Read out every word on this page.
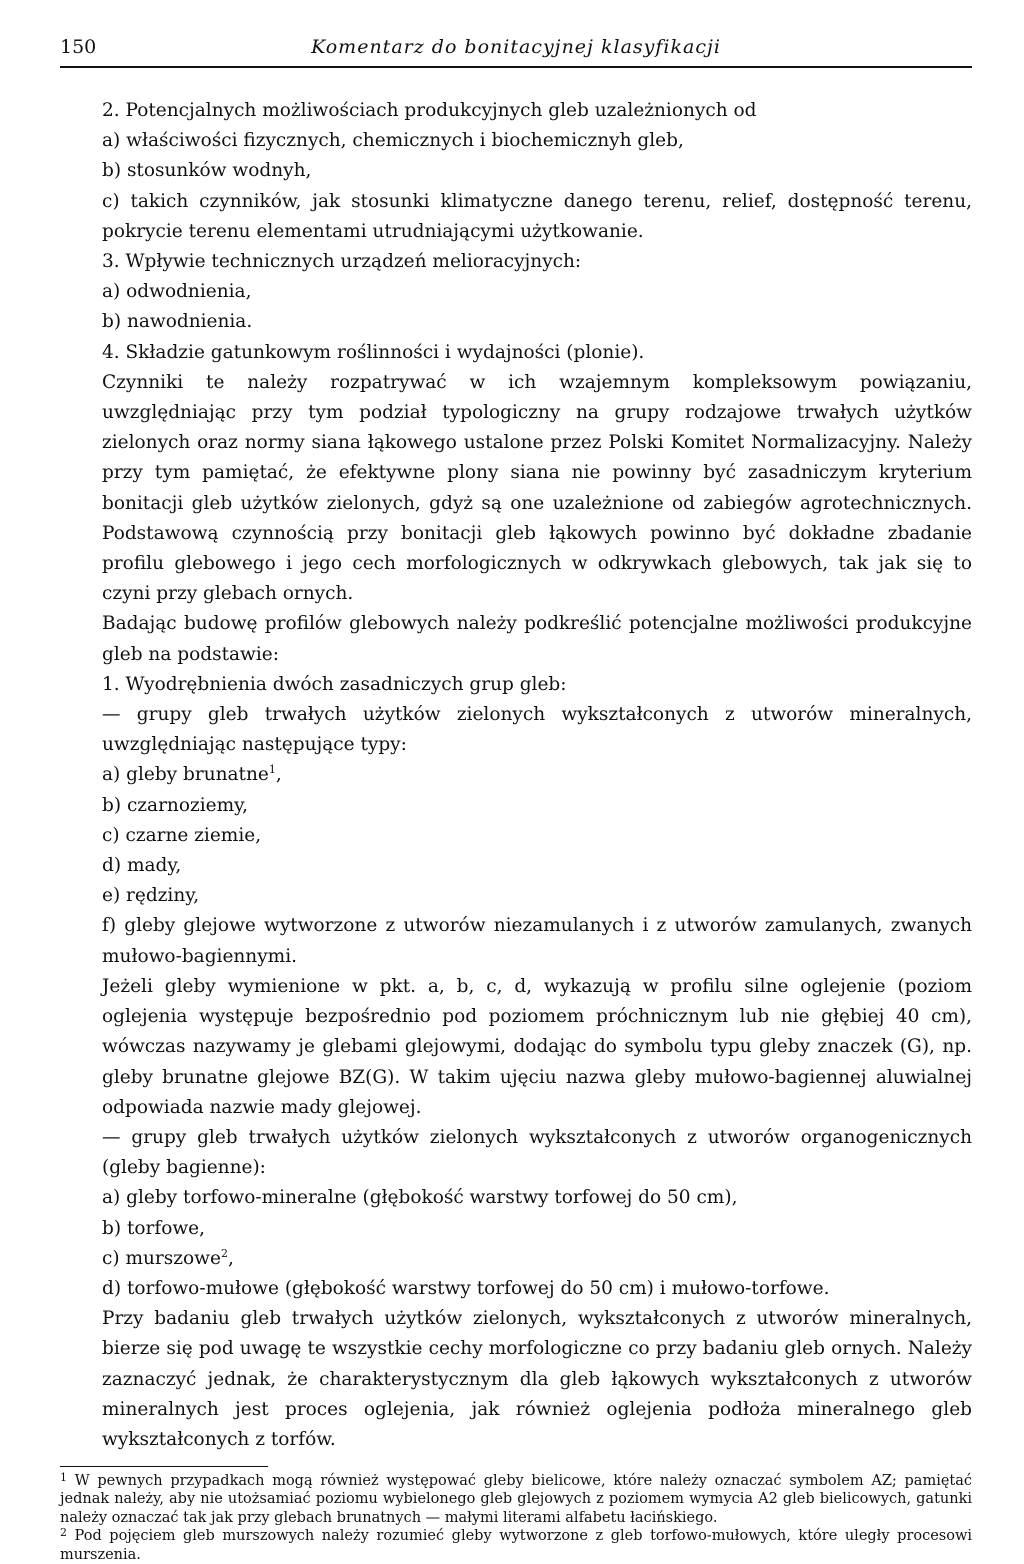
150	Komentarz do bonitacyjnej klasyfikacji
2. Potencjalnych możliwościach produkcyjnych gleb uzależnionych od
a) właściwości fizycznych, chemicznych i biochemicznyh gleb,
b) stosunków wodnyh,
c) takich czynników, jak stosunki klimatyczne danego terenu, relief, dostępność terenu, pokrycie terenu elementami utrudniającymi użytkowanie.
3. Wpływie technicznych urządzeń melioracyjnych:
a) odwodnienia,
b) nawodnienia.
4. Składzie gatunkowym roślinności i wydajności (plonie).
Czynniki te należy rozpatrywać w ich wzajemnym kompleksowym powiązaniu, uwzględniając przy tym podział typologiczny na grupy rodzajowe trwałych użytków zielonych oraz normy siana łąkowego ustalone przez Polski Komitet Normalizacyjny. Należy przy tym pamiętać, że efektywne plony siana nie powinny być zasadniczym kryterium bonitacji gleb użytków zielonych, gdyż są one uzależnione od zabiegów agrotechnicznych. Podstawową czynnością przy bonitacji gleb łąkowych powinno być dokładne zbadanie profilu glebowego i jego cech morfologicznych w odkrywkach glebowych, tak jak się to czyni przy glebach ornych.
Badając budowę profilów glebowych należy podkreślić potencjalne możliwości produkcyjne gleb na podstawie:
1. Wyodrębnienia dwóch zasadniczych grup gleb:
— grupy gleb trwałych użytków zielonych wykształconych z utworów mineralnych, uwzględniając następujące typy:
a) gleby brunatne$^1$,
b) czarnoziemy,
c) czarne ziemie,
d) mady,
e) rędziny,
f) gleby glejowe wytworzone z utworów niezamulanych i z utworów zamulanych, zwanych mułowo-bagiennymi.
Jeżeli gleby wymienione w pkt. a, b, c, d, wykazują w profilu silne oglejenie (poziom oglejenia występuje bezpośrednio pod poziomem próchnicznym lub nie głębiej 40 cm), wówczas nazywamy je glebami glejowymi, dodając do symbolu typu gleby znaczek (G), np. gleby brunatne glejowe BZ(G). W takim ujęciu nazwa gleby mułowo-bagiennej aluwialnej odpowiada nazwie mady glejowej.
— grupy gleb trwałych użytków zielonych wykształconych z utworów organogenicznych (gleby bagienne):
a) gleby torfowo-mineralne (głębokość warstwy torfowej do 50 cm),
b) torfowe,
c) murszowe$^2$,
d) torfowo-mułowe (głębokość warstwy torfowej do 50 cm) i mułowo-torfowe.
Przy badaniu gleb trwałych użytków zielonych, wykształconych z utworów mineralnych, bierze się pod uwagę te wszystkie cechy morfologiczne co przy badaniu gleb ornych. Należy zaznaczyć jednak, że charakterystycznym dla gleb łąkowych wykształconych z utworów mineralnych jest proces oglejenia, jak również oglejenia podłoża mineralnego gleb wykształconych z torfów.
$^1$ W pewnych przypadkach mogą również występować gleby bielicowe, które należy oznaczać symbolem AZ; pamiętać jednak należy, aby nie utożsamiać poziomu wybielonego gleb glejowych z poziomem wymycia A2 gleb bielicowych, gatunki należy oznaczać tak jak przy glebach brunatnych — małymi literami alfabetu łacińskiego.
$^2$ Pod pojęciem gleb murszowych należy rozumieć gleby wytworzone z gleb torfowo-mułowych, które uległy procesowi murszenia.
